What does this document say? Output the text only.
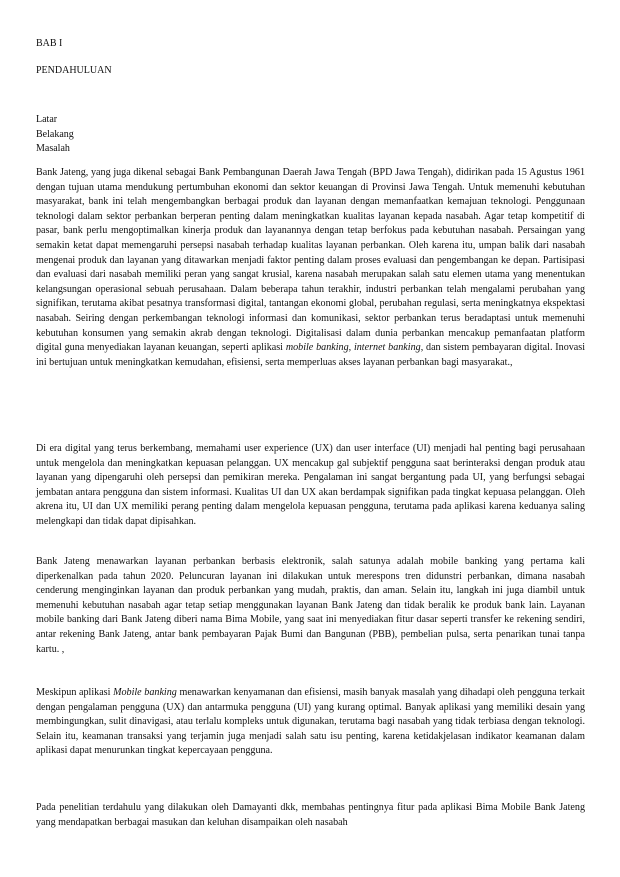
BAB I
PENDAHULUAN
Latar
Belakang
Masalah

Bank Jateng, yang juga dikenal sebagai Bank Pembangunan Daerah Jawa Tengah (BPD Jawa Tengah), didirikan pada 15 Agustus 1961 dengan tujuan utama mendukung pertumbuhan ekonomi dan sektor keuangan di Provinsi Jawa Tengah. Untuk memenuhi kebutuhan masyarakat, bank ini telah mengembangkan berbagai produk dan layanan dengan memanfaatkan kemajuan teknologi. Penggunaan teknologi dalam sektor perbankan berperan penting dalam meningkatkan kualitas layanan kepada nasabah. Agar tetap kompetitif di pasar, bank perlu mengoptimalkan kinerja produk dan layanannya dengan tetap berfokus pada kebutuhan nasabah. Persaingan yang semakin ketat dapat memengaruhi persepsi nasabah terhadap kualitas layanan perbankan. Oleh karena itu, umpan balik dari nasabah mengenai produk dan layanan yang ditawarkan menjadi faktor penting dalam proses evaluasi dan pengembangan ke depan. Partisipasi dan evaluasi dari nasabah memiliki peran yang sangat krusial, karena nasabah merupakan salah satu elemen utama yang menentukan kelangsungan operasional sebuah perusahaan. Dalam beberapa tahun terakhir, industri perbankan telah mengalami perubahan yang signifikan, terutama akibat pesatnya transformasi digital, tantangan ekonomi global, perubahan regulasi, serta meningkatnya ekspektasi nasabah. Seiring dengan perkembangan teknologi informasi dan komunikasi, sektor perbankan terus beradaptasi untuk memenuhi kebutuhan konsumen yang semakin akrab dengan teknologi. Digitalisasi dalam dunia perbankan mencakup pemanfaatan platform digital guna menyediakan layanan keuangan, seperti aplikasi mobile banking, internet banking, dan sistem pembayaran digital. Inovasi ini bertujuan untuk meningkatkan kemudahan, efisiensi, serta memperluas akses layanan perbankan bagi masyarakat.,

Di era digital yang terus berkembang, memahami user experience (UX) dan user interface (UI) menjadi hal penting bagi perusahaan untuk mengelola dan meningkatkan kepuasan pelanggan. UX mencakup gal subjektif pengguna saat berinteraksi dengan produk atau layanan yang dipengaruhi oleh persepsi dan pemikiran mereka. Pengalaman ini sangat bergantung pada UI, yang berfungsi sebagai jembatan antara pengguna dan sistem informasi. Kualitas UI dan UX akan berdampak signifikan pada tingkat kepuasa pelanggan. Oleh akrena itu, UI dan UX memiliki perang penting dalam mengelola kepuasan pengguna, terutama pada aplikasi karena keduanya saling melengkapi dan tidak dapat dipisahkan.

Bank Jateng menawarkan layanan perbankan berbasis elektronik, salah satunya adalah mobile banking yang pertama kali diperkenalkan pada tahun 2020. Peluncuran layanan ini dilakukan untuk merespons tren didunstri perbankan, dimana nasabah cenderung menginginkan layanan dan produk perbankan yang mudah, praktis, dan aman. Selain itu, langkah ini juga diambil untuk memenuhi kebutuhan nasabah agar tetap setiap menggunakan layanan Bank Jateng dan tidak beralik ke produk bank lain. Layanan mobile banking dari Bank Jateng diberi nama Bima Mobile, yang saat ini menyediakan fitur dasar seperti transfer ke rekening sendiri, antar rekening Bank Jateng, antar bank pembayaran Pajak Bumi dan Bangunan (PBB), pembelian pulsa, serta penarikan tunai tanpa kartu. ,

Meskipun aplikasi Mobile banking menawarkan kenyamanan dan efisiensi, masih banyak masalah yang dihadapi oleh pengguna terkait dengan pengalaman pengguna (UX) dan antarmuka pengguna (UI) yang kurang optimal. Banyak aplikasi yang memiliki desain yang membingungkan, sulit dinavigasi, atau terlalu kompleks untuk digunakan, terutama bagi nasabah yang tidak terbiasa dengan teknologi. Selain itu, keamanan transaksi yang terjamin juga menjadi salah satu isu penting, karena ketidakjelasan indikator keamanan dalam aplikasi dapat menurunkan tingkat kepercayaan pengguna.

Pada penelitian terdahulu yang dilakukan oleh Damayanti dkk, membahas pentingnya fitur pada aplikasi Bima Mobile Bank Jateng yang mendapatkan berbagai masukan dan keluhan disampaikan oleh nasabah
